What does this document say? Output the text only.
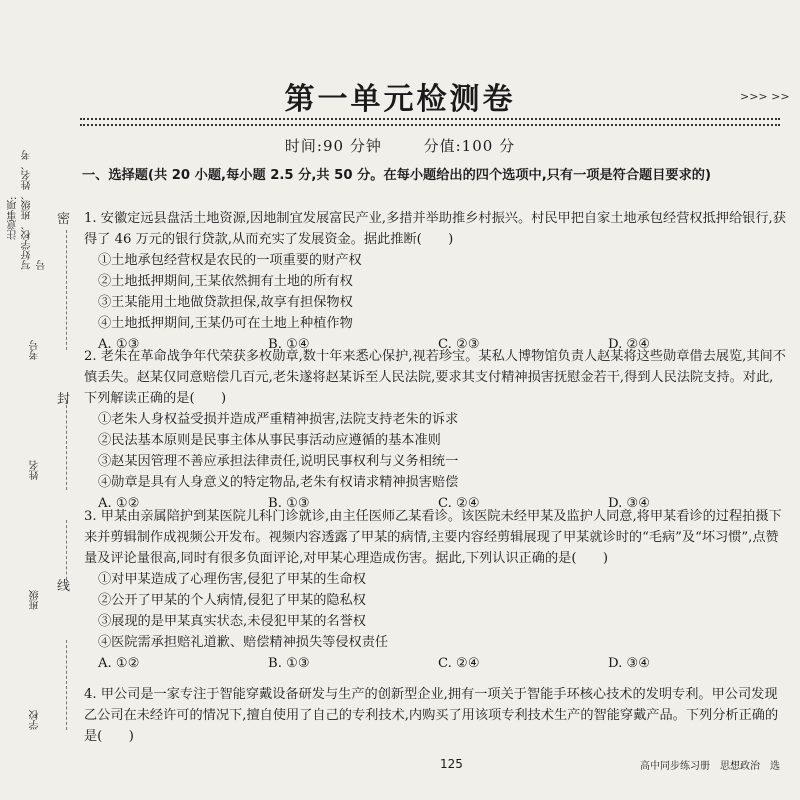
注意事项: 写好学校、班级、姓名、考号
考号
姓名
班级
学校
密
封
线
第一单元检测卷	>>> >>
时间:90 分钟	分值:100 分
一、选择题(共 20 小题,每小题 2.5 分,共 50 分。在每小题给出的四个选项中,只有一项是符合题目要求的)
1. 安徽定远县盘活土地资源,因地制宜发展富民产业,多措并举助推乡村振兴。村民甲把自家土地承包经营权抵押给银行,获得了 46 万元的银行贷款,从而充实了发展资金。据此推断(　　)
①土地承包经营权是农民的一项重要的财产权
②土地抵押期间,王某依然拥有土地的所有权
③王某能用土地做贷款担保,故享有担保物权
④土地抵押期间,王某仍可在土地上种植作物
A. ①③	B. ①④	C. ②③	D. ②④
2. 老朱在革命战争年代荣获多枚勋章,数十年来悉心保护,视若珍宝。某私人博物馆负责人赵某将这些勋章借去展览,其间不慎丢失。赵某仅同意赔偿几百元,老朱遂将赵某诉至人民法院,要求其支付精神损害抚慰金若干,得到人民法院支持。对此,下列解读正确的是(　　)
①老朱人身权益受损并造成严重精神损害,法院支持老朱的诉求
②民法基本原则是民事主体从事民事活动应遵循的基本准则
③赵某因管理不善应承担法律责任,说明民事权利与义务相统一
④勋章是具有人身意义的特定物品,老朱有权请求精神损害赔偿
A. ①②	B. ①③	C. ②④	D. ③④
3. 甲某由亲属陪护到某医院儿科门诊就诊,由主任医师乙某看诊。该医院未经甲某及监护人同意,将甲某看诊的过程拍摄下来并剪辑制作成视频公开发布。视频内容透露了甲某的病情,主要内容经剪辑展现了甲某就诊时的“毛病”及“坏习惯”,点赞量及评论量很高,同时有很多负面评论,对甲某心理造成伤害。据此,下列认识正确的是(　　)
①对甲某造成了心理伤害,侵犯了甲某的生命权
②公开了甲某的个人病情,侵犯了甲某的隐私权
③展现的是甲某真实状态,未侵犯甲某的名誉权
④医院需承担赔礼道歉、赔偿精神损失等侵权责任
A. ①②	B. ①③	C. ②④	D. ③④
4. 甲公司是一家专注于智能穿戴设备研发与生产的创新型企业,拥有一项关于智能手环核心技术的发明专利。甲公司发现乙公司在未经许可的情况下,擅自使用了自己的专利技术,内购买了用该项专利技术生产的智能穿戴产品。下列分析正确的是(　　)
125	高中同步练习册　思想政治　选
